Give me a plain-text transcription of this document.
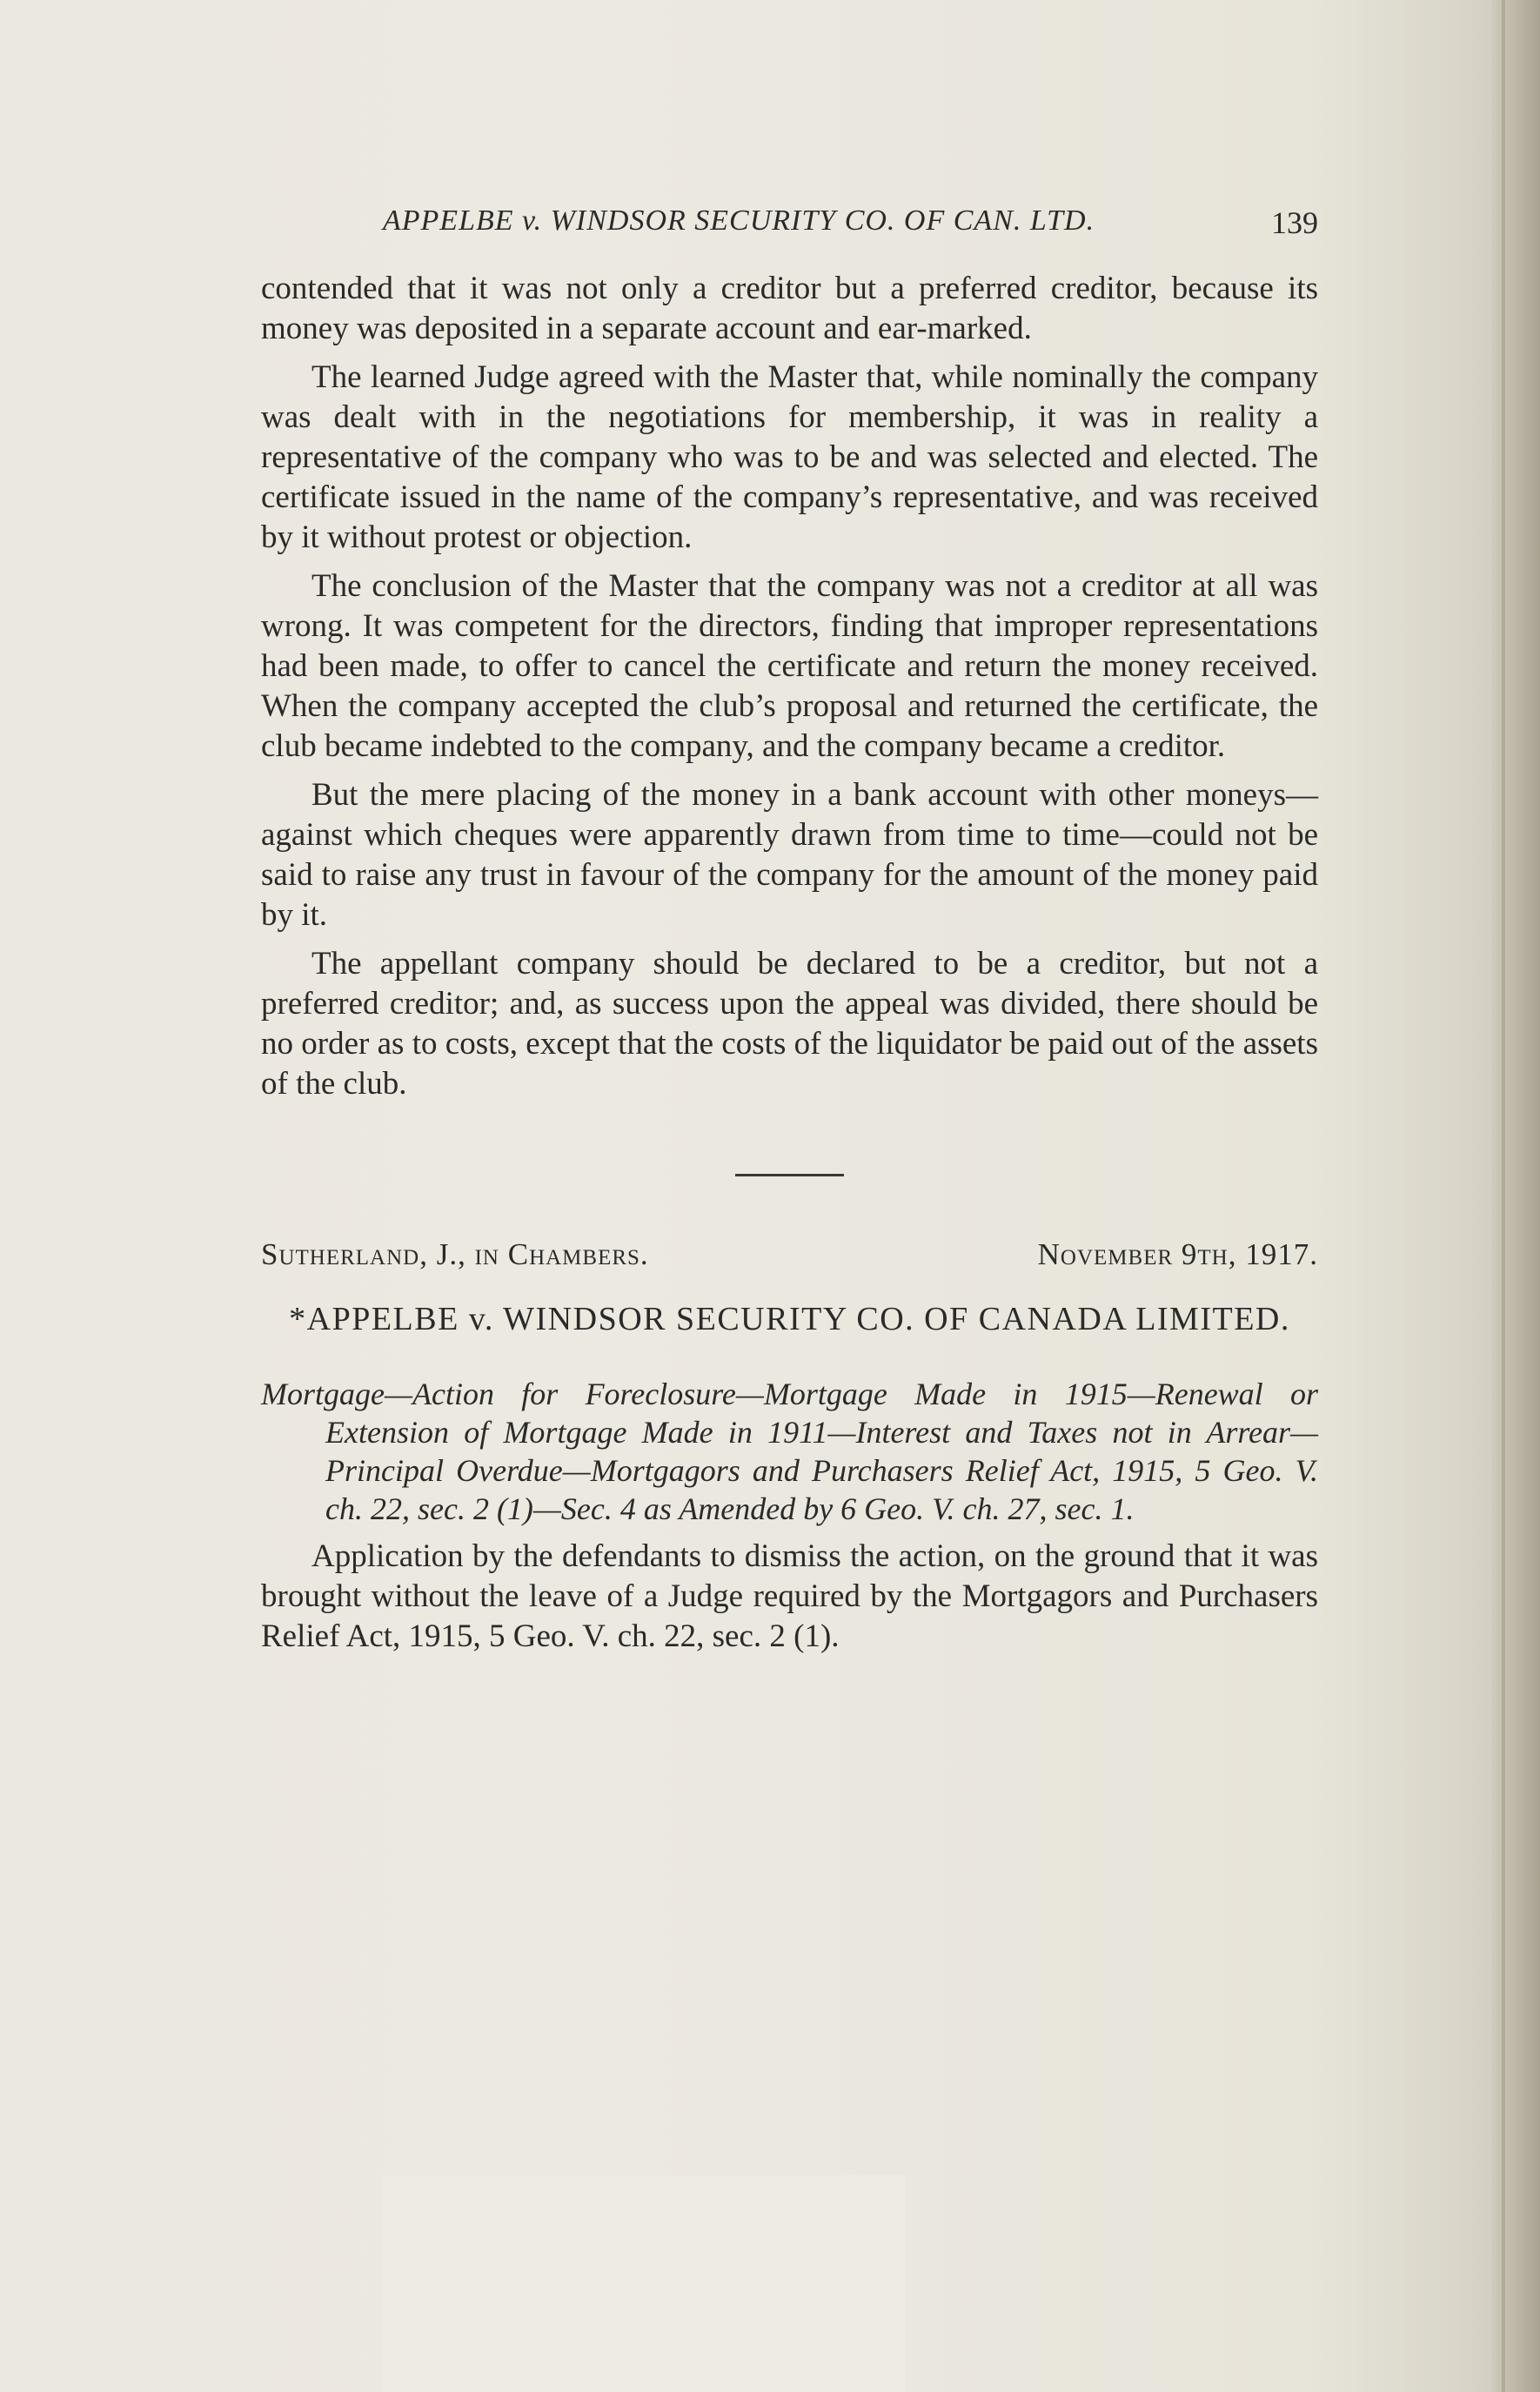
APPELBE v. WINDSOR SECURITY CO. OF CAN. LTD.	139

contended that it was not only a creditor but a preferred creditor, because its money was deposited in a separate account and ear-marked.

The learned Judge agreed with the Master that, while nominally the company was dealt with in the negotiations for membership, it was in reality a representative of the company who was to be and was selected and elected. The certificate issued in the name of the company’s representative, and was received by it without protest or objection.

The conclusion of the Master that the company was not a creditor at all was wrong. It was competent for the directors, finding that improper representations had been made, to offer to cancel the certificate and return the money received. When the company accepted the club’s proposal and returned the certificate, the club became indebted to the company, and the company became a creditor.

But the mere placing of the money in a bank account with other moneys—against which cheques were apparently drawn from time to time—could not be said to raise any trust in favour of the company for the amount of the money paid by it.

The appellant company should be declared to be a creditor, but not a preferred creditor; and, as success upon the appeal was divided, there should be no order as to costs, except that the costs of the liquidator be paid out of the assets of the club.

Sutherland, J., in Chambers.	November 9th, 1917.
*APPELBE v. WINDSOR SECURITY CO. OF CANADA LIMITED.
Mortgage—Action for Foreclosure—Mortgage Made in 1915—Renewal or Extension of Mortgage Made in 1911—Interest and Taxes not in Arrear—Principal Overdue—Mortgagors and Purchasers Relief Act, 1915, 5 Geo. V. ch. 22, sec. 2 (1)—Sec. 4 as Amended by 6 Geo. V. ch. 27, sec. 1.

Application by the defendants to dismiss the action, on the ground that it was brought without the leave of a Judge required by the Mortgagors and Purchasers Relief Act, 1915, 5 Geo. V. ch. 22, sec. 2 (1).
